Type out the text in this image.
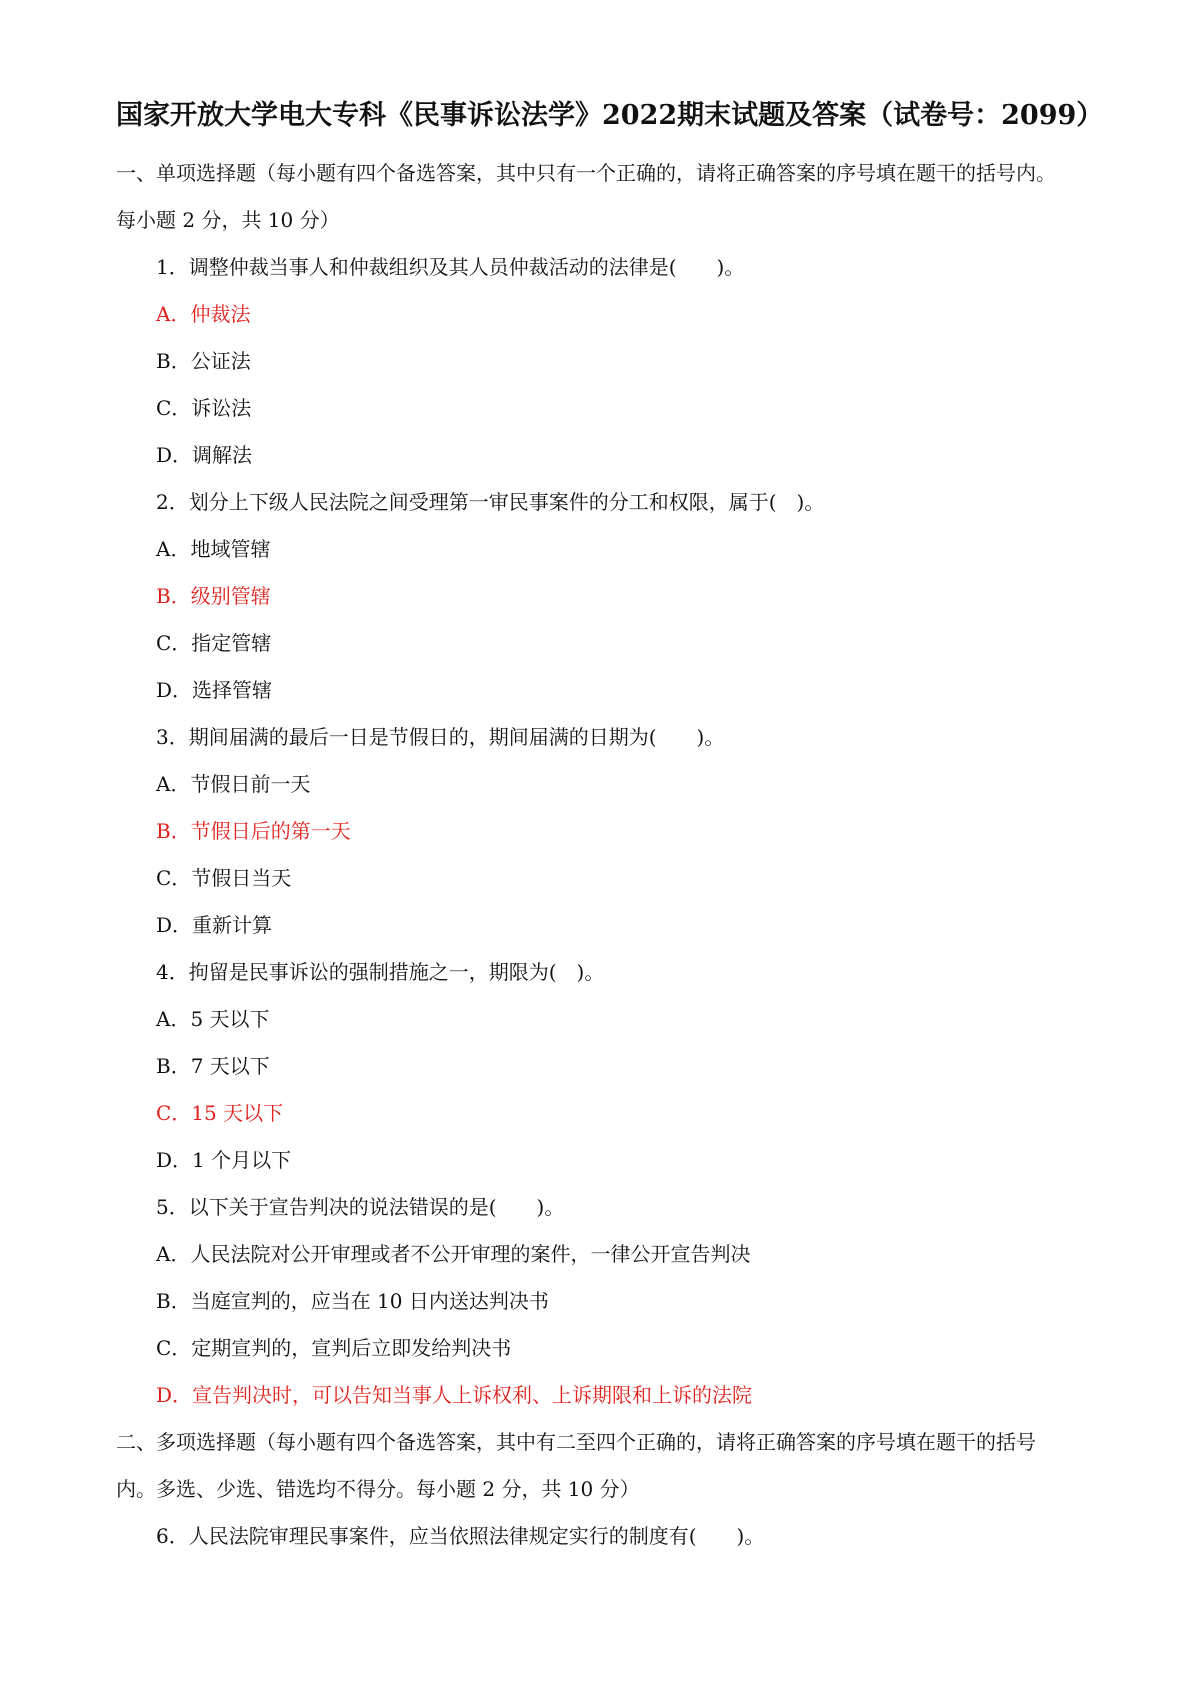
国家开放大学电大专科《民事诉讼法学》2022期末试题及答案（试卷号：2099）

一、单项选择题（每小题有四个备选答案，其中只有一个正确的，请将正确答案的序号填在题干的括号内。

每小题 2 分，共 10 分）

1．调整仲裁当事人和仲裁组织及其人员仲裁活动的法律是(　　)。

A．仲裁法

B．公证法

C．诉讼法

D．调解法

2．划分上下级人民法院之间受理第一审民事案件的分工和权限，属于(　)。

A．地域管辖

B．级别管辖

C．指定管辖

D．选择管辖

3．期间届满的最后一日是节假日的，期间届满的日期为(　　)。

A．节假日前一天

B．节假日后的第一天

C．节假日当天

D．重新计算

4．拘留是民事诉讼的强制措施之一，期限为(　)。

A．5 天以下

B．7 天以下

C．15 天以下

D．1 个月以下

5．以下关于宣告判决的说法错误的是(　　)。

A．人民法院对公开审理或者不公开审理的案件，一律公开宣告判决

B．当庭宣判的，应当在 10 日内送达判决书

C．定期宣判的，宣判后立即发给判决书

D．宣告判决时，可以告知当事人上诉权利、上诉期限和上诉的法院

二、多项选择题（每小题有四个备选答案，其中有二至四个正确的，请将正确答案的序号填在题干的括号

内。多选、少选、错选均不得分。每小题 2 分，共 10 分）

6．人民法院审理民事案件，应当依照法律规定实行的制度有(　　)。
